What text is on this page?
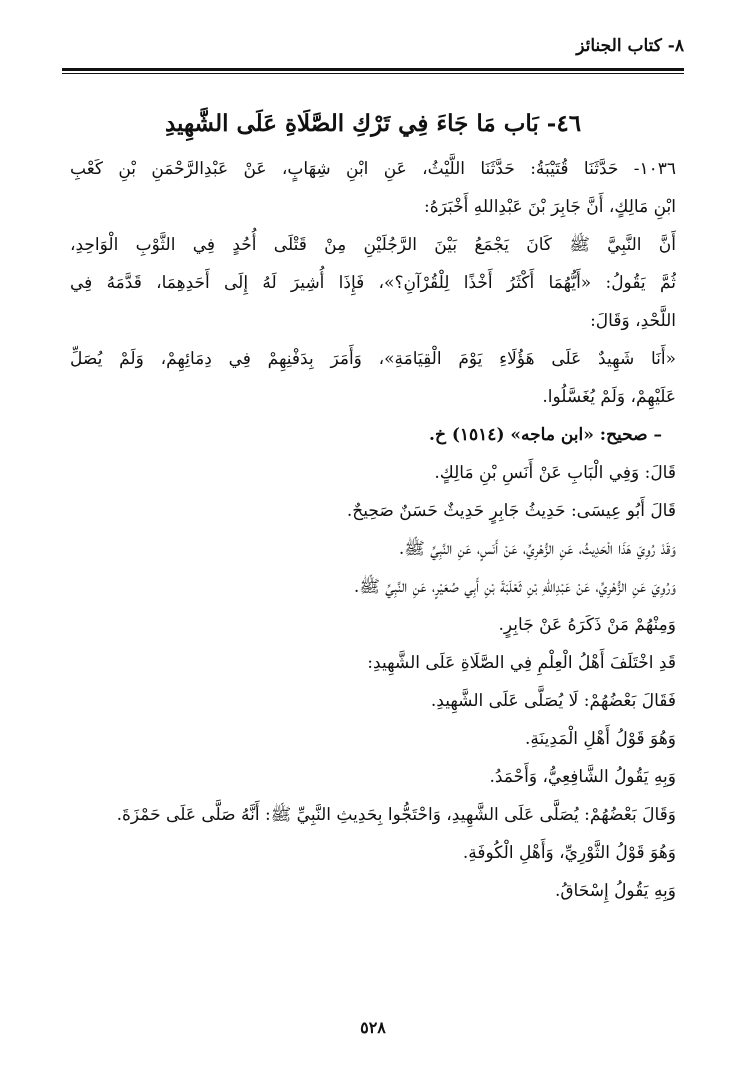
٨- كتاب الجنائز
٤٦- بَاب مَا جَاءَ فِي تَرْكِ الصَّلَاةِ عَلَى الشَّهِيدِ
١٠٣٦- حَدَّثَنَا قُتَيْبَةُ: حَدَّثَنَا اللَّيْثُ، عَنِ ابْنِ شِهَابٍ، عَنْ عَبْدِالرَّحْمَنِ بْنِ كَعْبِ
ابْنِ مَالِكٍ، أَنَّ جَابِرَ بْنَ عَبْدِاللهِ أَخْبَرَهُ:
أَنَّ النَّبِيَّ ﷺ كَانَ يَجْمَعُ بَيْنَ الرَّجُلَيْنِ مِنْ قَتْلَى أُحُدٍ فِي الثَّوْبِ الْوَاحِدِ،
ثُمَّ يَقُولُ: «أَيُّهُمَا أَكْثَرُ أَخْذًا لِلْقُرْآنِ؟»، فَإِذَا أُشِيرَ لَهُ إِلَى أَحَدِهِمَا، قَدَّمَهُ فِي
اللَّحْدِ، وَقَالَ:
«أَنَا شَهِيدٌ عَلَى هَؤُلَاءِ يَوْمَ الْقِيَامَةِ»، وَأَمَرَ بِدَفْنِهِمْ فِي دِمَائِهِمْ، وَلَمْ يُصَلِّ
عَلَيْهِمْ، وَلَمْ يُغَسَّلُوا.
– صحيح: «ابن ماجه» (١٥١٤) خ.
قَالَ: وَفِي الْبَابِ عَنْ أَنَسِ بْنِ مَالِكٍ.
قَالَ أَبُو عِيسَى: حَدِيثُ جَابِرٍ حَدِيثٌ حَسَنٌ صَحِيحٌ.
وَقَدْ رُوِيَ هَذَا الْحَدِيثُ، عَنِ الزُّهْرِيِّ، عَنْ أَنَسٍ، عَنِ النَّبِيِّ ﷺ.
وَرُوِيَ عَنِ الزُّهْرِيِّ، عَنْ عَبْدِاللهِ بْنِ ثَعْلَبَةَ بْنِ أَبِي صُعَيْرٍ، عَنِ النَّبِيِّ ﷺ.
وَمِنْهُمْ مَنْ ذَكَرَهُ عَنْ جَابِرٍ.
قَدِ اخْتَلَفَ أَهْلُ الْعِلْمِ فِي الصَّلَاةِ عَلَى الشَّهِيدِ:
فَقَالَ بَعْضُهُمْ: لَا يُصَلَّى عَلَى الشَّهِيدِ.
وَهُوَ قَوْلُ أَهْلِ الْمَدِينَةِ.
وَبِهِ يَقُولُ الشَّافِعِيُّ، وَأَحْمَدُ.
وَقَالَ بَعْضُهُمْ: يُصَلَّى عَلَى الشَّهِيدِ، وَاحْتَجُّوا بِحَدِيثِ النَّبِيِّ ﷺ: أَنَّهُ صَلَّى عَلَى حَمْزَةَ.
وَهُوَ قَوْلُ الثَّوْرِيِّ، وَأَهْلِ الْكُوفَةِ.
وَبِهِ يَقُولُ إِسْحَاقُ.
٥٢٨
